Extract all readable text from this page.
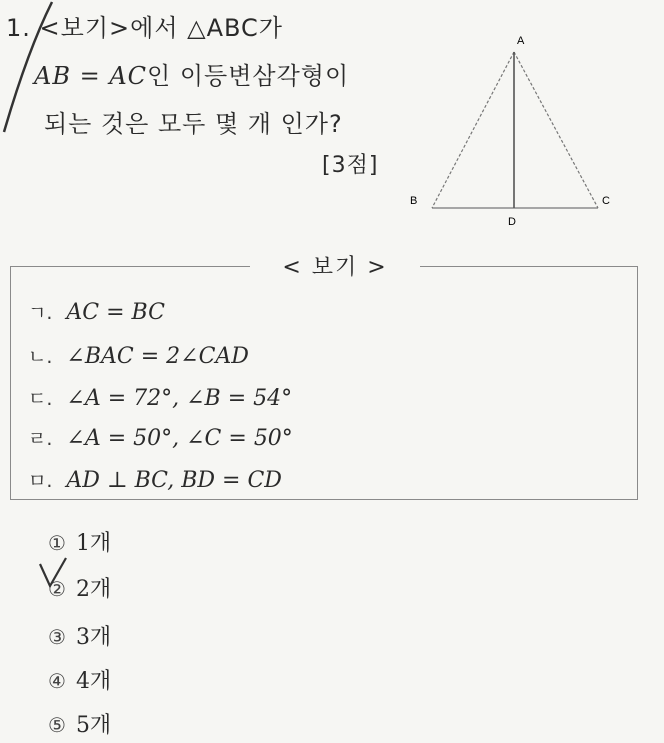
1. <보기>에서 △ABC가
AB = AC인 이등변삼각형이
되는 것은 모두 몇 개 인가?
[3점]
A
B	C
D
< 보기 >
ㄱ. AC = BC
ㄴ. ∠BAC = 2∠CAD
ㄷ. ∠A = 72°, ∠B = 54°
ㄹ. ∠A = 50°, ∠C = 50°
ㅁ. AD ⊥ BC, BD = CD
① 1개
② 2개
③ 3개
④ 4개
⑤ 5개
